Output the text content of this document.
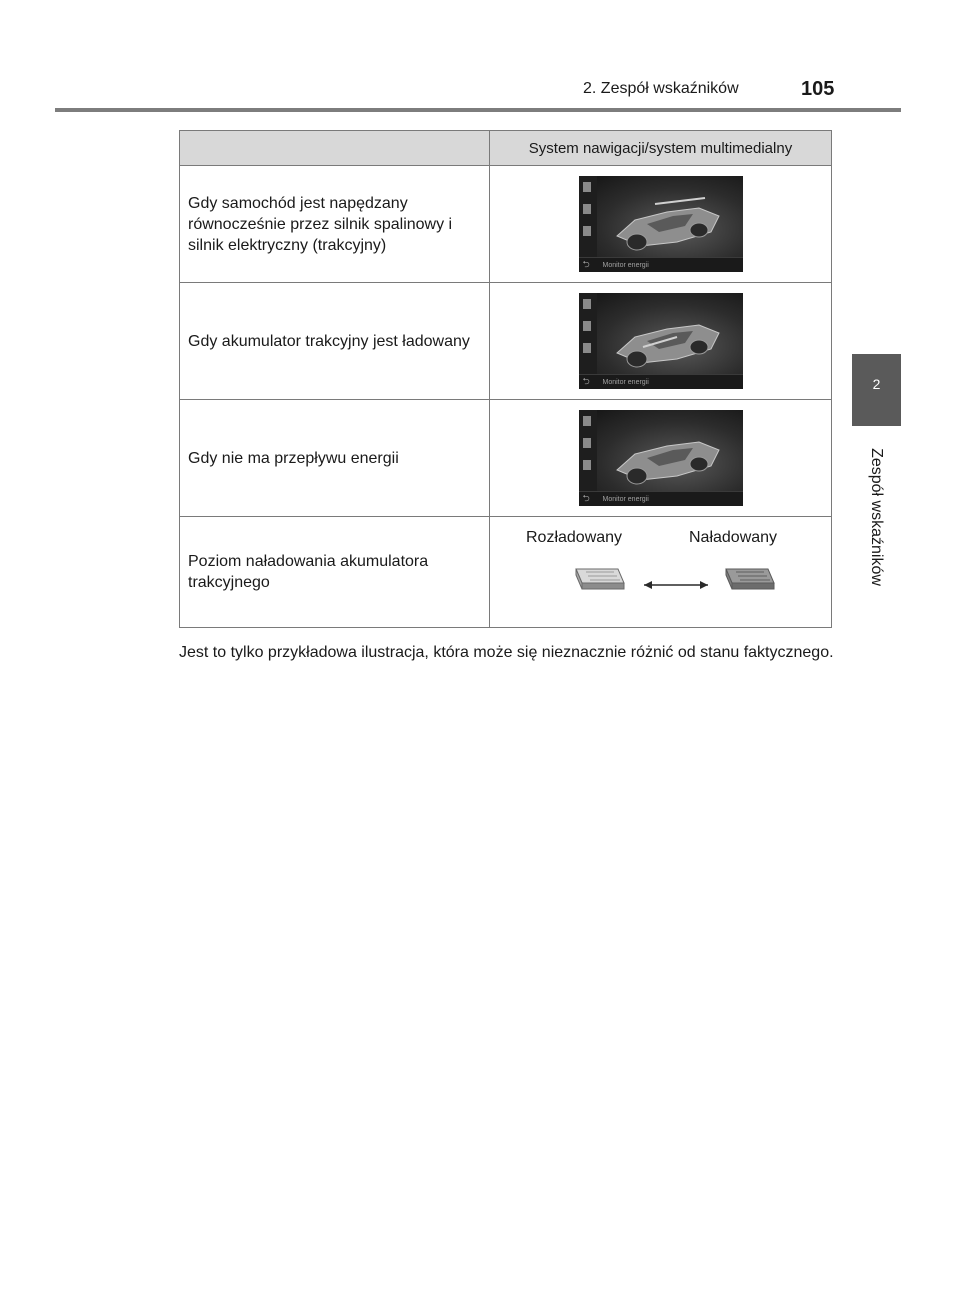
2. Zespół wskaźników	105
2
Zespół wskaźników
	System nawigacji/system multimedialny
Gdy samochód jest napędzany równocześnie przez silnik spalinowy i silnik elektryczny (trakcyjny)	⮌ Monitor energii

Gdy akumulator trakcyjny jest ładowany	⮌ Monitor energii

Gdy nie ma przepływu energii	⮌ Monitor energii

Poziom naładowania akumulatora trakcyjnego	Rozładowany Naładowany
Jest to tylko przykładowa ilustracja, która może się nieznacznie różnić od stanu faktycznego.
